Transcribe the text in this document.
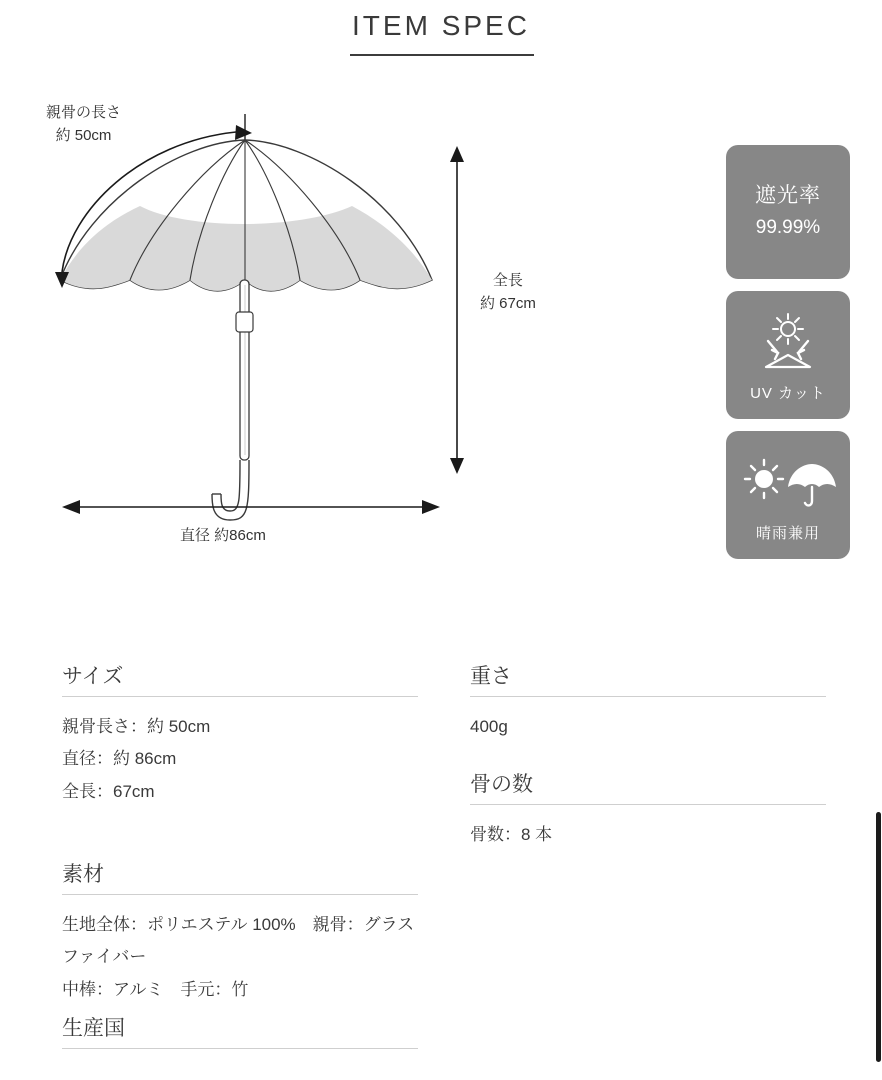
ITEM SPEC
親骨の長さ
約 50cm
全長
約 67cm
直径 約86cm
遮光率
99.99%
UV カット
晴雨兼用
サイズ
親骨長さ：約 50cm
直径：約 86cm
全長：67cm
素材
生地全体：ポリエステル 100%　親骨：グラスファイバー
中棒：アルミ　手元：竹
生産国
重さ
400g
骨の数
骨数：8 本
